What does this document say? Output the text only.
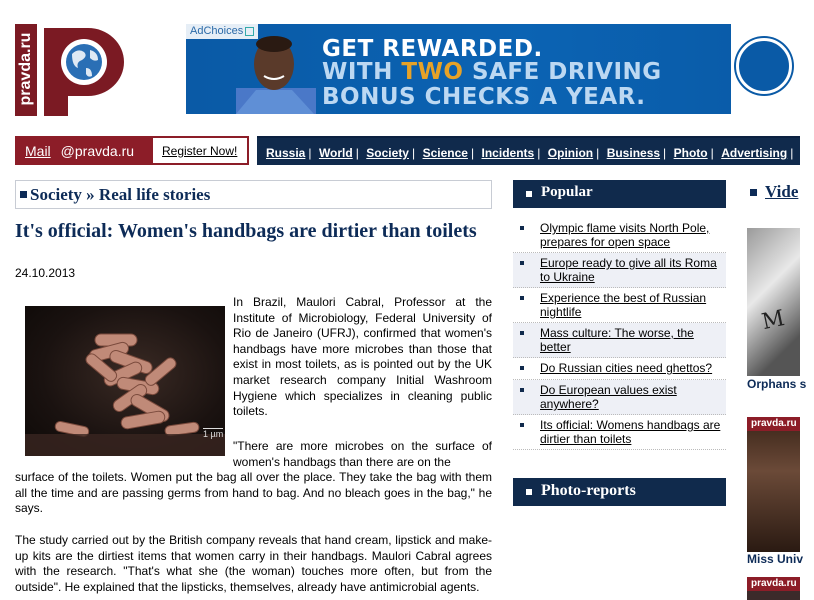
pravda.ru
AdChoices
GET REWARDED.
WITH TWO SAFE DRIVING
BONUS CHECKS A YEAR.
Mail @pravda.ru	Register Now!	Russia | World | Society | Science | Incidents | Opinion | Business | Photo | Advertising | se
Society » Real life stories
It's official: Women's handbags are dirtier than toilets
24.10.2013
1 µm

In Brazil, Maulori Cabral, Professor at the Institute of Microbiology, Federal University of Rio de Janeiro (UFRJ), confirmed that women's handbags have more microbes than those that exist in most toilets, as is pointed out by the UK market research company Initial Washroom Hygiene which specializes in cleaning public toilets.

"There are more microbes on the surface of women's handbags than there are on the

surface of the toilets. Women put the bag all over the place. They take the bag with them all the time and are passing germs from hand to bag. And no bleach goes in the bag," he says.

The study carried out by the British company reveals that hand cream, lipstick and make-up kits are the dirtiest items that women carry in their handbags. Maulori Cabral agrees with the research. "That's what she (the woman) touches more often, but from the outside". He explained that the lipsticks, themselves, already have antimicrobial agents.

Popular
Olympic flame visits North Pole, prepares for open space
Europe ready to give all its Roma to Ukraine
Experience the best of Russian nightlife
Mass culture: The worse, the better
Do Russian cities need ghettos?
Do European values exist anywhere?
Its official: Womens handbags are dirtier than toilets
Photo-reports
Vide
M
Orphans s
pravda.ru
Miss Univ
pravda.ru
